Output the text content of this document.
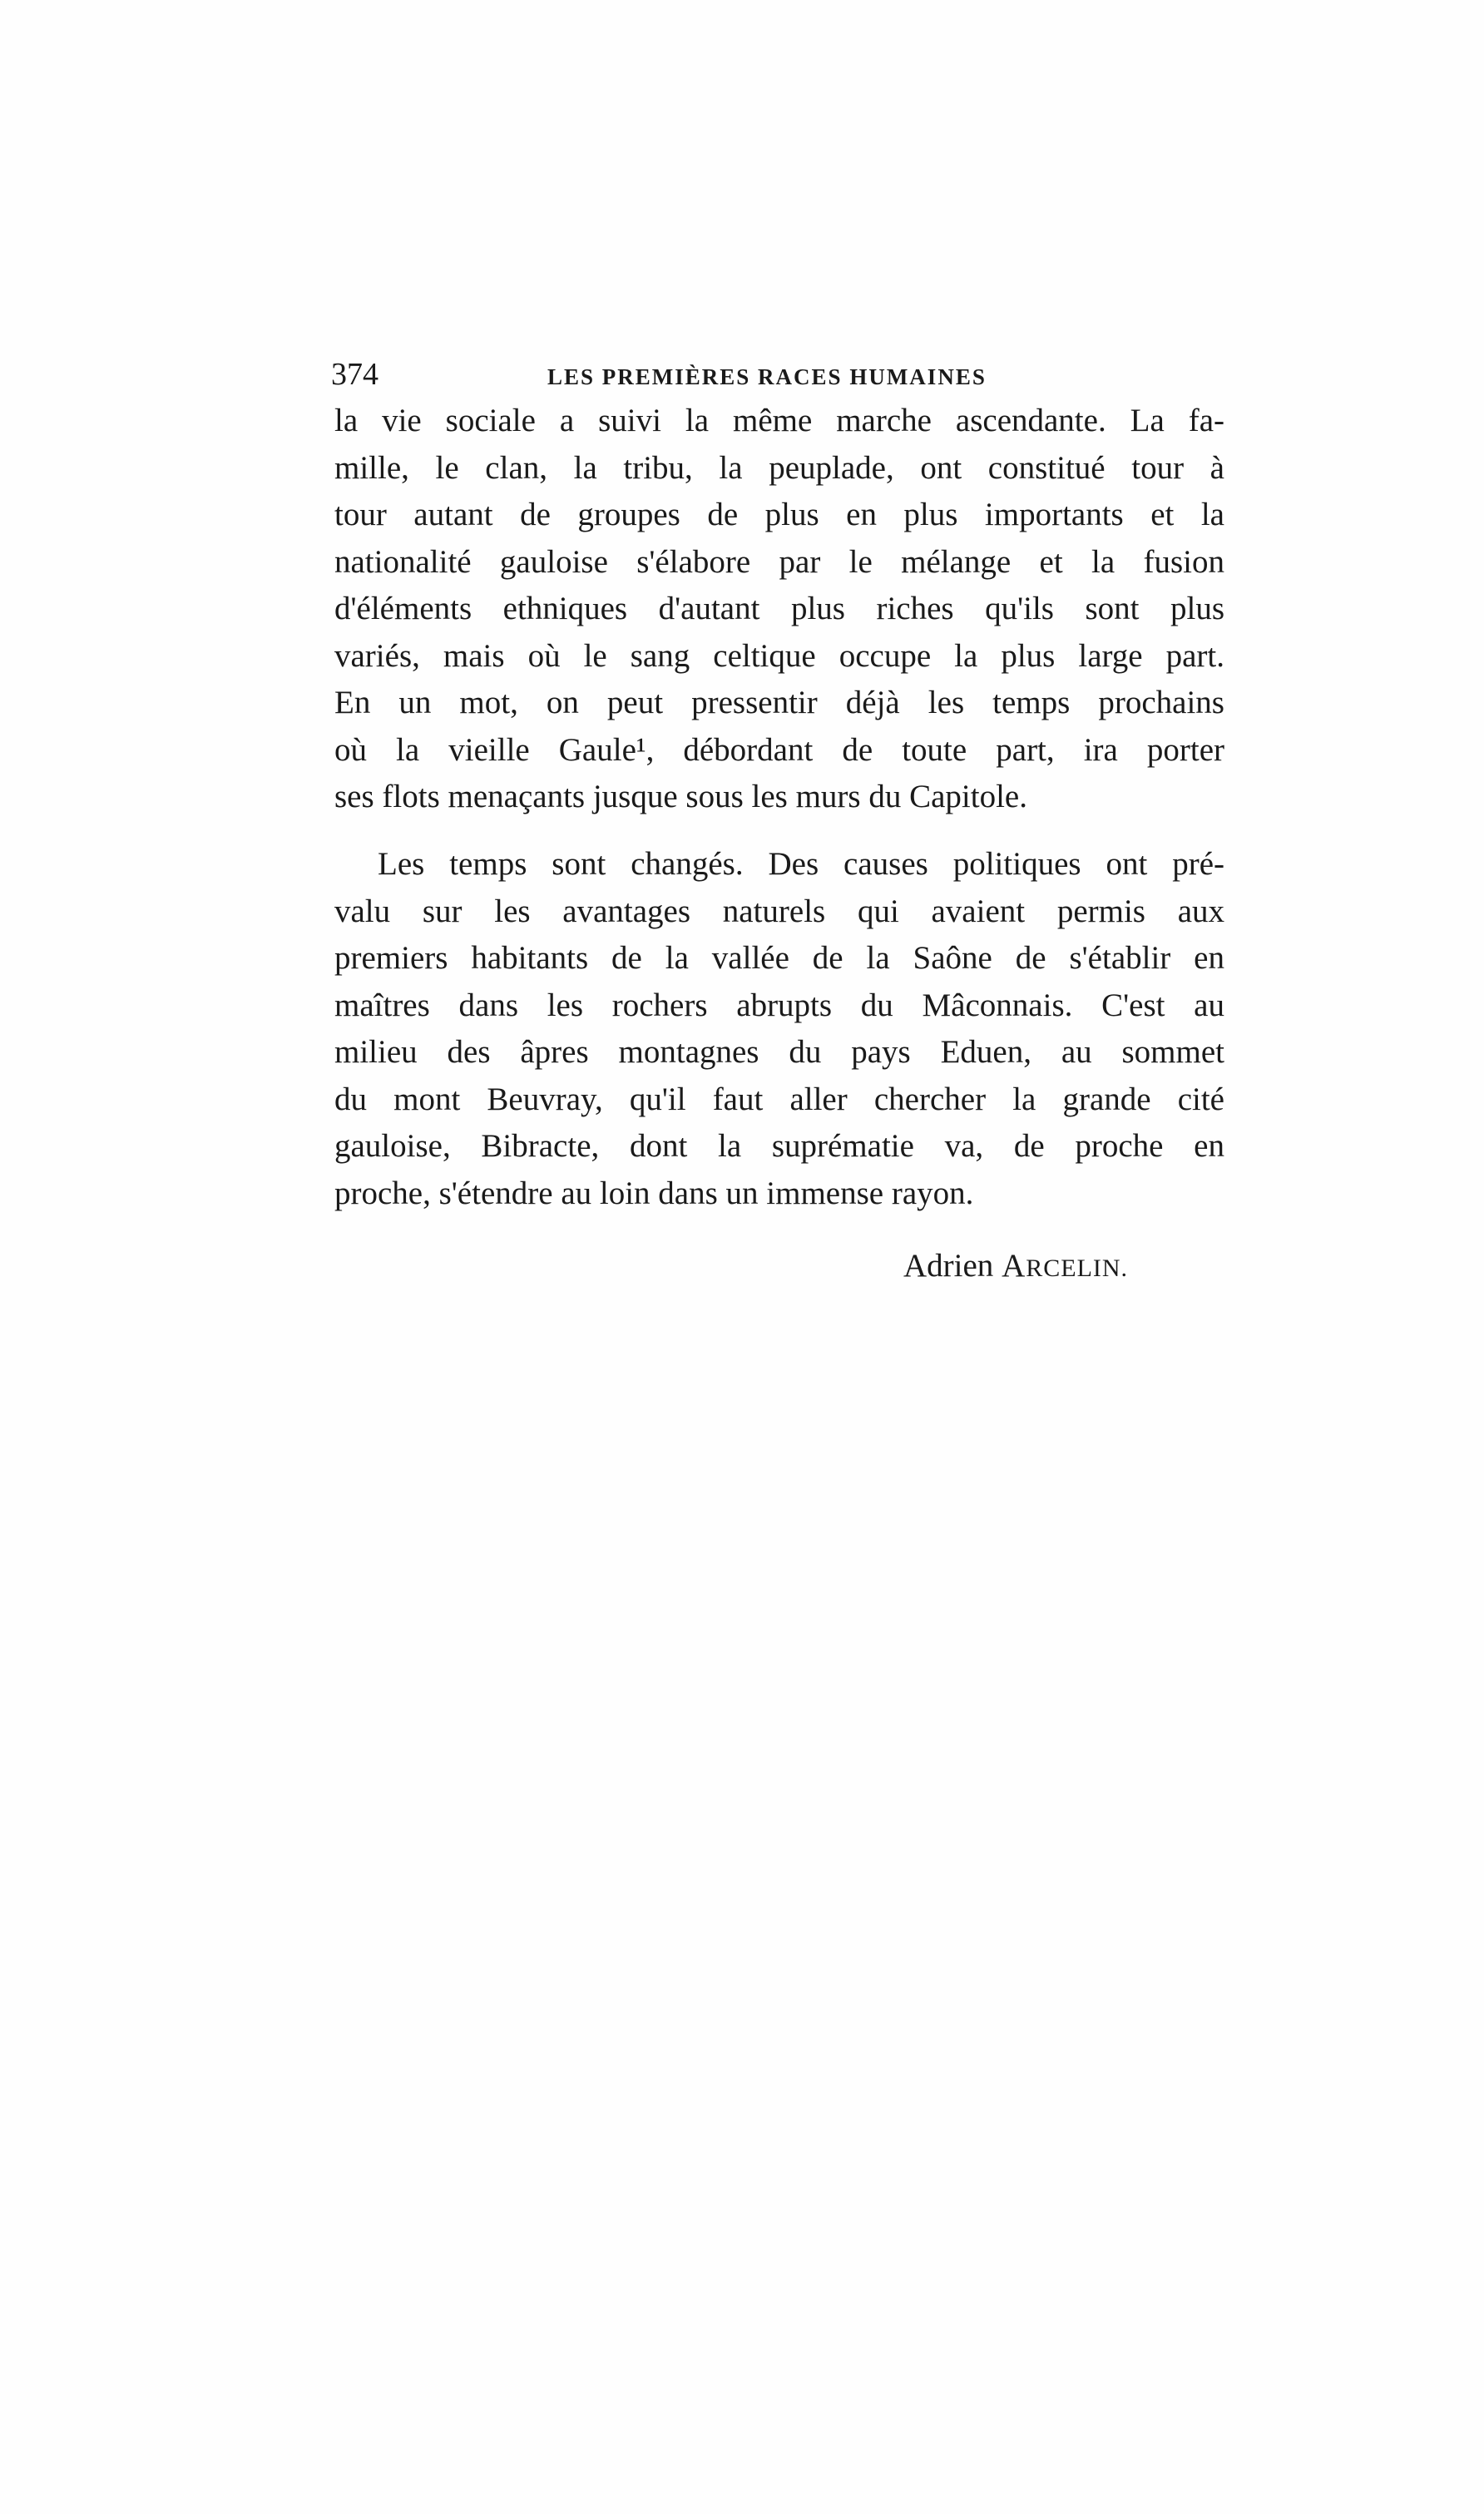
374	LES PREMIÈRES RACES HUMAINES
la vie sociale a suivi la même marche ascendante. La fa-
mille, le clan, la tribu, la peuplade, ont constitué tour à
tour autant de groupes de plus en plus importants et la
nationalité gauloise s'élabore par le mélange et la fusion
d'éléments ethniques d'autant plus riches qu'ils sont plus
variés, mais où le sang celtique occupe la plus large part.
En un mot, on peut pressentir déjà les temps prochains
où la vieille Gaule¹, débordant de toute part, ira porter
ses flots menaçants jusque sous les murs du Capitole.
Les temps sont changés. Des causes politiques ont pré-
valu sur les avantages naturels qui avaient permis aux
premiers habitants de la vallée de la Saône de s'établir en
maîtres dans les rochers abrupts du Mâconnais. C'est au
milieu des âpres montagnes du pays Eduen, au sommet
du mont Beuvray, qu'il faut aller chercher la grande cité
gauloise, Bibracte, dont la suprématie va, de proche en
proche, s'étendre au loin dans un immense rayon.
Adrien ARCELIN.
